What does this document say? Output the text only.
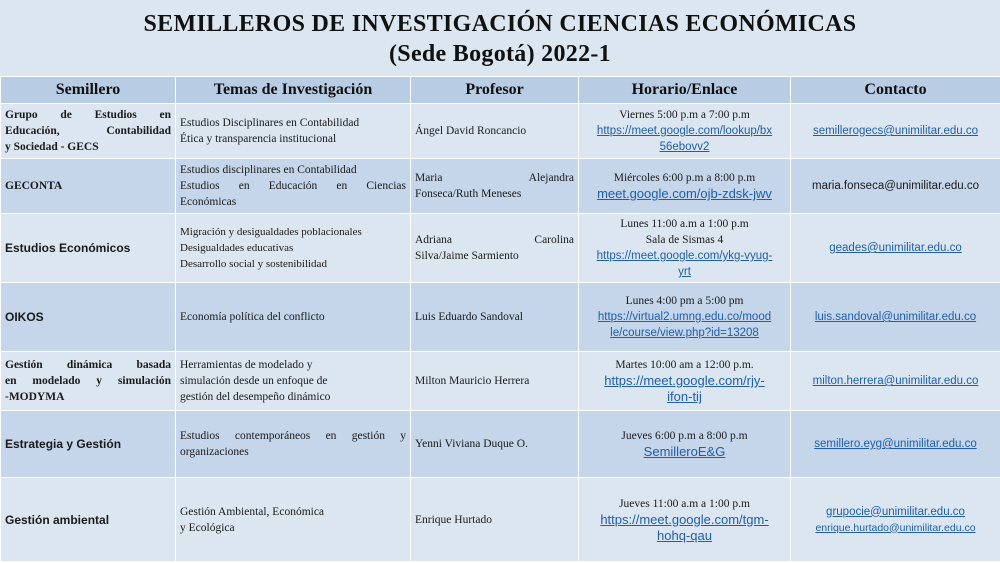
SEMILLEROS DE INVESTIGACIÓN CIENCIAS ECONÓMICAS
(Sede Bogotá) 2022-1
Semillero	Temas de Investigación	Profesor	Horario/Enlace	Contacto

Grupo de Estudios en
Educación, Contabilidad
y Sociedad - GECS	Estudios Disciplinares en Contabilidad
Ética y transparencia institucional	Ángel David Roncancio	Viernes 5:00 p.m a 7:00 p.m
https://meet.google.com/lookup/bx
56ebovv2	semillerogecs@unimilitar.edu.co

GECONTA	Estudios disciplinares en Contabilidad
Estudios en Educación en Ciencias
Económicas	Maria Alejandra
Fonseca/Ruth Meneses	Miércoles 6:00 p.m a 8:00 p.m
meet.google.com/ojb-zdsk-jwv	maria.fonseca@unimilitar.edu.co

Estudios Económicos	Migración y desigualdades poblacionales
Desigualdades educativas
Desarrollo social y sostenibilidad	Adriana Carolina
Silva/Jaime Sarmiento	Lunes 11:00 a.m a 1:00 p.m
Sala de Sismas 4
https://meet.google.com/ykg-vyug-
yrt	geades@unimilitar.edu.co

OIKOS	Economía política del conflicto	Luis Eduardo Sandoval	Lunes 4:00 pm a 5:00 pm
https://virtual2.umng.edu.co/mood
le/course/view.php?id=13208	luis.sandoval@unimilitar.edu.co

Gestión dinámica basada
en modelado y simulación
-MODYMA	Herramientas de modelado y
simulación desde un enfoque de
gestión del desempeño dinámico	Milton Mauricio Herrera	Martes 10:00 am a 12:00 p.m.
https://meet.google.com/rjy-
ifon-tij	milton.herrera@unimilitar.edu.co

Estrategia y Gestión	Estudios contemporáneos en gestión y
organizaciones	Yenni Viviana Duque O.	Jueves 6:00 p.m a 8:00 p.m
SemilleroE&G	semillero.eyg@unimilitar.edu.co

Gestión ambiental	Gestión Ambiental, Económica
y Ecológica	Enrique Hurtado	Jueves 11:00 a.m a 1:00 p.m
https://meet.google.com/tgm-
hohq-qau	grupocie@unimilitar.edu.co
enrique.hurtado@unimilitar.edu.co
